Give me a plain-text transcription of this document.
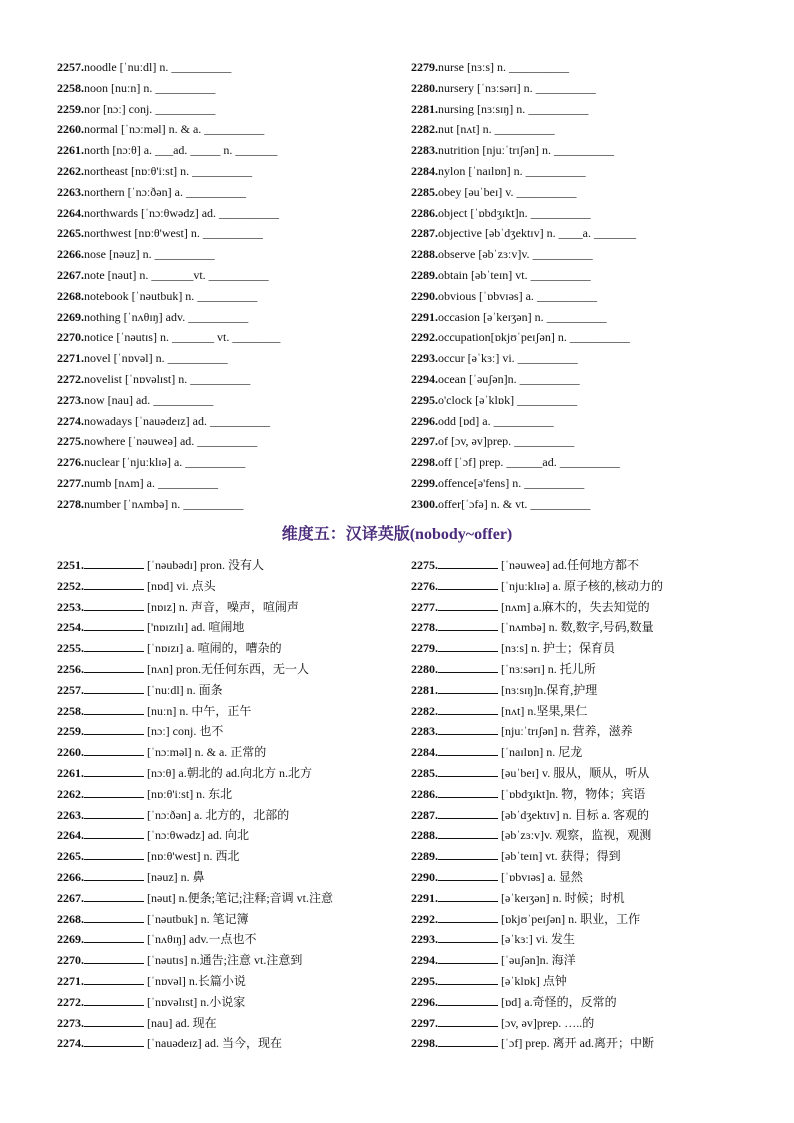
2257.noodle [ˈnuːdl] n. __________
2258.noon [nuːn] n. __________
2259.nor [nɔː] conj. __________
2260.normal [ˈnɔːməl] n. & a. __________
2261.north [nɔːθ] a. ___ad. _____ n. _______
2262.northeast [nɒːθ'iːst] n. __________
2263.northern [ˈnɔːðən] a. __________
2264.northwards [ˈnɔːθwədz] ad. __________
2265.northwest [nɒːθ'west] n. __________
2266.nose [nəuz] n. __________
2267.note [nəut] n. _______vt. __________
2268.notebook [ˈnəutbuk] n. __________
2269.nothing [ˈnʌθɪŋ] adv. __________
2270.notice [ˈnəutɪs] n. _______ vt. ________
2271.novel [ˈnɒvəl] n. __________
2272.novelist [ˈnɒvəlɪst] n. __________
2273.now [nau] ad. __________
2274.nowadays [ˈnauədeɪz] ad. __________
2275.nowhere [ˈnəuweə] ad. __________
2276.nuclear [ˈnjuːklɪə] a. __________
2277.numb [nʌm] a. __________
2278.number [ˈnʌmbə] n. __________
2279.nurse [nɜːs] n. __________
2280.nursery [ˈnɜːsərɪ] n. __________
2281.nursing [nɜːsɪŋ] n. __________
2282.nut [nʌt] n. __________
2283.nutrition [njuːˈtrɪʃən] n. __________
2284.nylon [ˈnaɪlɒn] n. __________
2285.obey [əuˈbeɪ] v. __________
2286.object [ˈɒbdʒɪkt]n. __________
2287.objective [əbˈdʒektɪv] n. ____a. _______
2288.observe [əbˈzɜːv]v. __________
2289.obtain [əbˈteɪn] vt. __________
2290.obvious [ˈɒbvɪəs] a. __________
2291.occasion [əˈkeɪʒən] n. __________
2292.occupation[ɒkjʊˈpeɪʃən] n. __________
2293.occur [əˈkɜː] vi. __________
2294.ocean [ˈəuʃən]n. __________
2295.o'clock [əˈklɒk] __________
2296.odd [ɒd] a. __________
2297.of [ɔv, əv]prep. __________
2298.off [ˈɔf] prep. ______ad. __________
2299.offence[ə'fens] n. __________
2300.offer[ˈɔfə] n. & vt. __________
维度五：汉译英版(nobody~offer)
2251.	[ˈnəubədɪ] pron. 没有人
2252.	[nɒd] vi. 点头
2253.	[nɒɪz] n. 声音，噪声，喧闹声
2254.	['nɒɪzɪlɪ] ad. 喧闹地
2255.	[ˈnɒɪzɪ] a. 喧闹的，嘈杂的
2256.	[nʌn] pron.无任何东西，无一人
2257.	[ˈnuːdl] n. 面条
2258.	[nuːn] n. 中午，正午
2259.	[nɔː] conj. 也不
2260.	[ˈnɔːməl] n. & a. 正常的
2261.	[nɔːθ] a.朝北的 ad.向北方 n.北方
2262.	[nɒːθ'iːst] n. 东北
2263.	[ˈnɔːðən] a. 北方的，北部的
2264.	[ˈnɔːθwədz] ad. 向北
2265.	[nɒːθ'west] n. 西北
2266.	[nəuz] n. 鼻
2267.	[nəut] n.便条;笔记;注释;音调 vt.注意
2268.	[ˈnəutbuk] n. 笔记簿
2269.	[ˈnʌθɪŋ] adv.一点也不
2270.	[ˈnəutɪs] n.通告;注意 vt.注意到
2271.	[ˈnɒvəl] n.长篇小说
2272.	[ˈnɒvəlɪst] n.小说家
2273.	[nau] ad. 现在
2274.	[ˈnauədeɪz] ad. 当今，现在
2275.	[ˈnəuweə] ad.任何地方都不
2276.	[ˈnjuːklɪə] a. 原子核的,核动力的
2277.	[nʌm] a.麻木的，失去知觉的
2278.	[ˈnʌmbə] n. 数,数字,号码,数量
2279.	[nɜːs] n. 护士；保育员
2280.	[ˈnɜːsərɪ] n. 托儿所
2281.	[nɜːsɪŋ]n.保育,护理
2282.	[nʌt] n.坚果,果仁
2283.	[njuːˈtrɪʃən] n. 营养，滋养
2284.	[ˈnaɪlɒn] n. 尼龙
2285.	[əuˈbeɪ] v. 服从，顺从，听从
2286.	[ˈɒbdʒɪkt]n. 物，物体；宾语
2287.	[əbˈdʒektɪv] n. 目标 a. 客观的
2288.	[əbˈzɜːv]v. 观察，监视，观测
2289.	[əbˈteɪn] vt. 获得；得到
2290.	[ˈɒbvɪəs] a. 显然
2291.	[əˈkeɪʒən] n. 时候；时机
2292.	[ɒkjʊˈpeɪʃən] n. 职业，工作
2293.	[əˈkɜː] vi. 发生
2294.	[ˈəuʃən]n. 海洋
2295.	[əˈklɒk] 点钟
2296.	[ɒd] a.奇怪的，反常的
2297.	[ɔv, əv]prep. …..的
2298.	[ˈɔf] prep. 离开 ad.离开；中断
